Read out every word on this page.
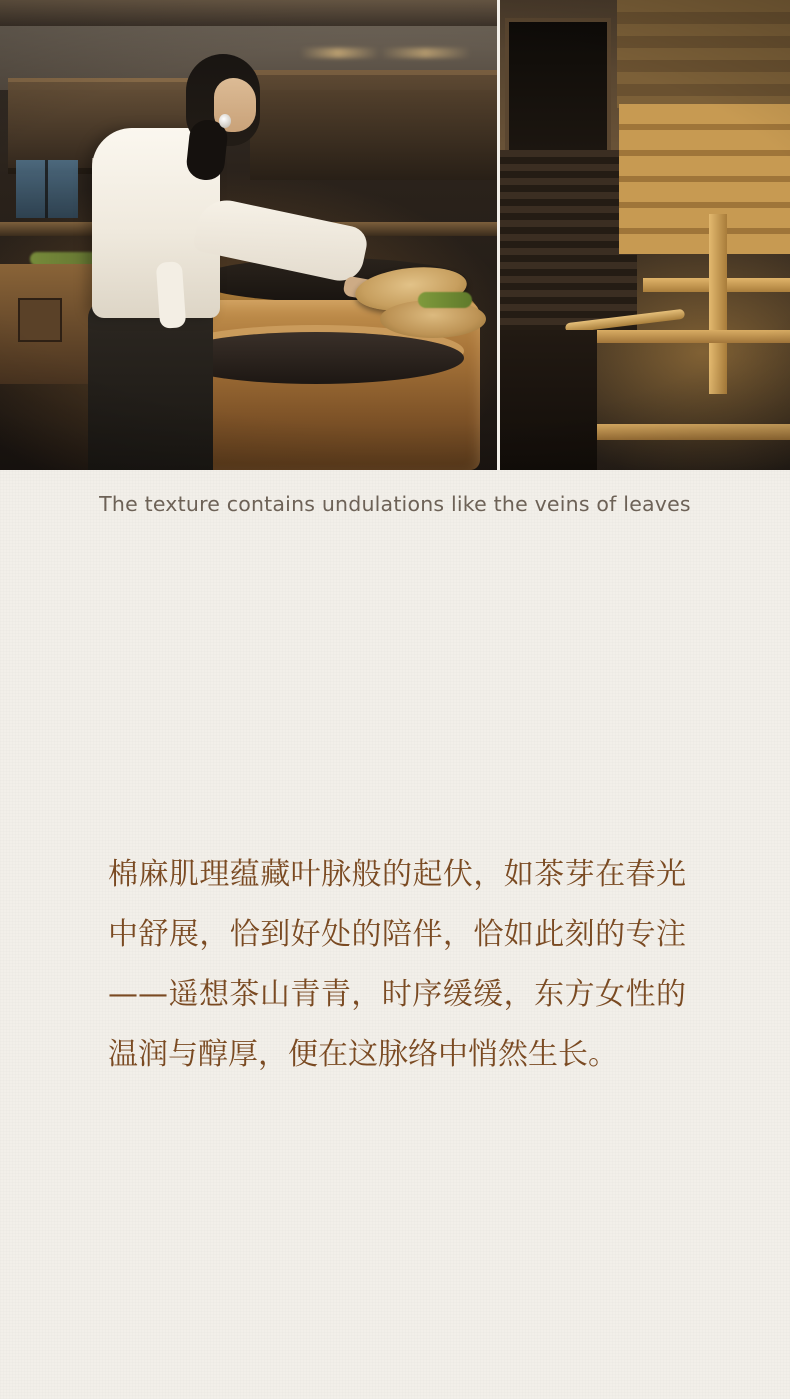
The texture contains undulations like the veins of leaves
棉麻肌理蕴藏叶脉般的起伏，如茶芽在春光中舒展，恰到好处的陪伴，恰如此刻的专注——遥想茶山青青，时序缓缓，东方女性的温润与醇厚，便在这脉络中悄然生长。
